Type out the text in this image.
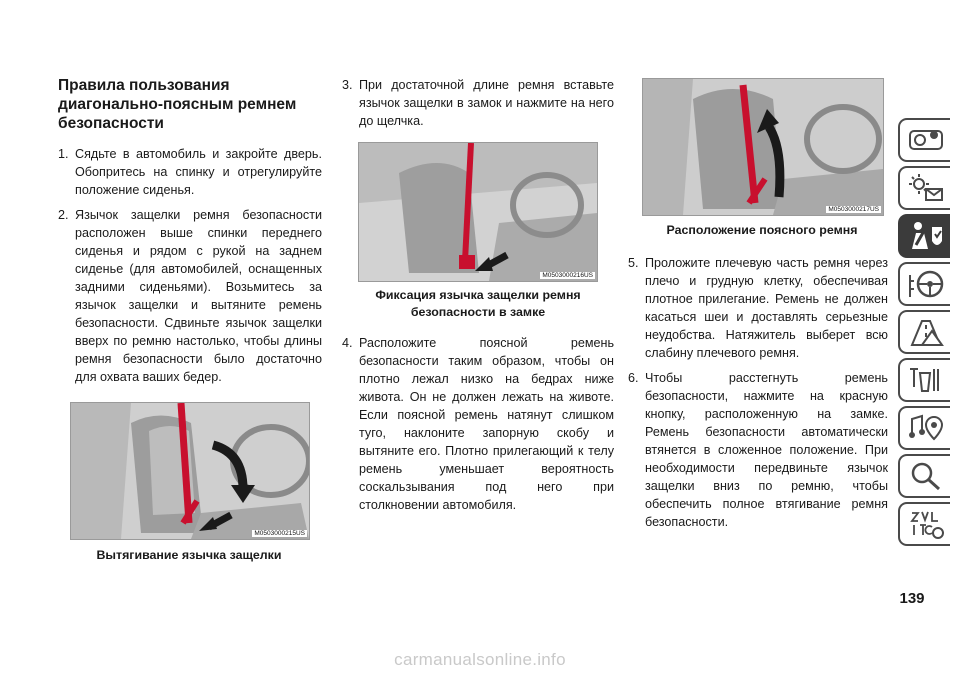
Правила пользования
диагонально-поясным ремнем
безопасности
1. Сядьте в автомобиль и закройте дверь. Обопритесь на спинку и отрегулируйте положение сиденья.
2. Язычок защелки ремня безопасности расположен выше спинки переднего сиденья и рядом с рукой на заднем сиденье (для автомобилей, оснащенных задними сиденьями). Возьмитесь за язычок защелки и вытяните ремень безопасности. Сдвиньте язычок защелки вверх по ремню настолько, чтобы длины ремня безопасности было достаточно для охвата ваших бедер.
M0503000215US
Вытягивание язычка защелки
3. При достаточной длине ремня вставьте язычок защелки в замок и нажмите на него до щелчка.
M0503000216US
Фиксация язычка защелки ремня безопасности в замке
4. Расположите поясной ремень безопасности таким образом, чтобы он плотно лежал низко на бедрах ниже живота. Он не должен лежать на животе. Если поясной ремень натянут слишком туго, наклоните запорную скобу и вытяните его. Плотно прилегающий к телу ремень уменьшает вероятность соскальзывания под него при столкновении автомобиля.
M0503000217US
Расположение поясного ремня
5. Проложите плечевую часть ремня через плечо и грудную клетку, обеспечивая плотное прилегание. Ремень не должен касаться шеи и доставлять серьезные неудобства. Натяжитель выберет всю слабину плечевого ремня.
6. Чтобы расстегнуть ремень безопасности, нажмите на красную кнопку, расположенную на замке. Ремень безопасности автоматически втянется в сложенное положение. При необходимости передвиньте язычок защелки вниз по ремню, чтобы обеспечить полное втягивание ремня безопасности.
139
carmanualsonline.info
